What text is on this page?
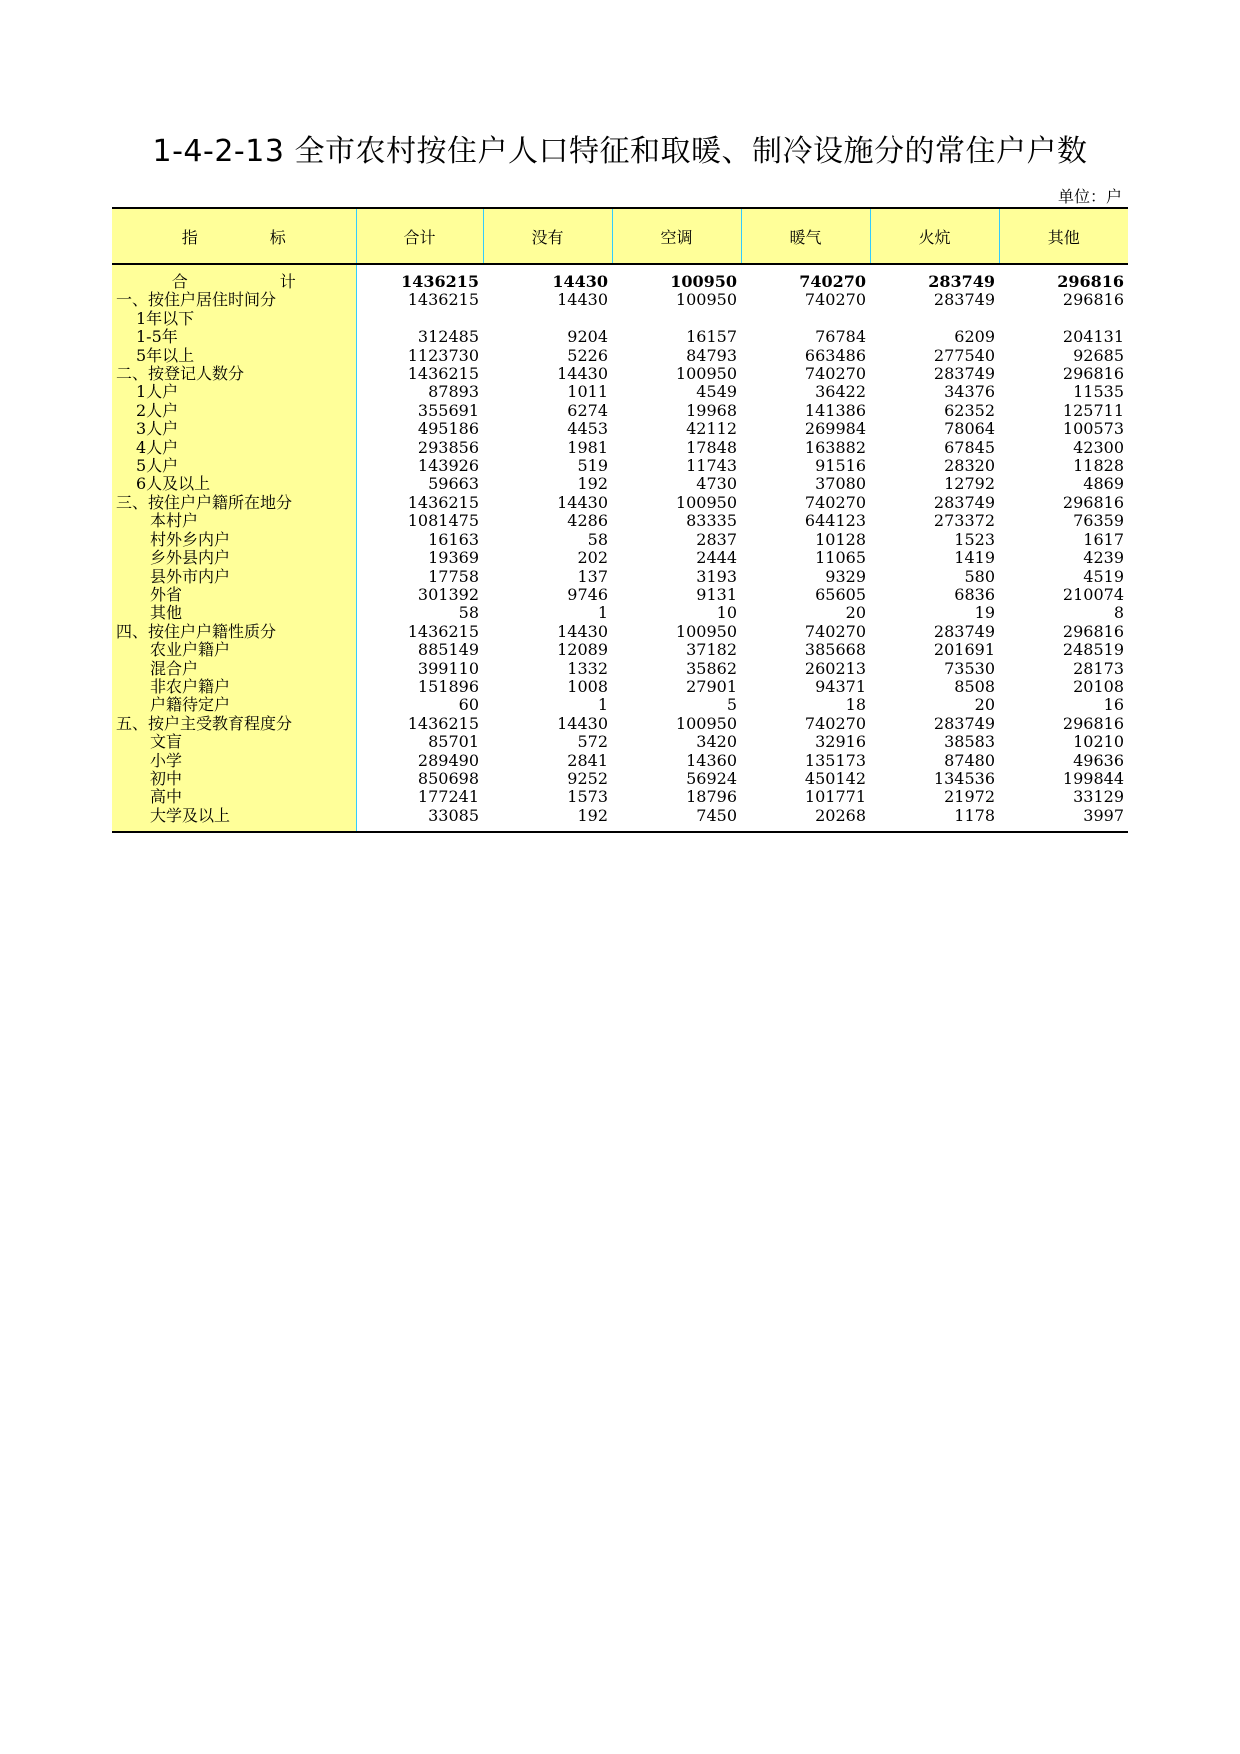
1-4-2-13 全市农村按住户人口特征和取暖、制冷设施分的常住户户数
单位：户
指　标	合计	没有	空调	暖气	火炕	其他
合　计	1436215	14430	100950	740270	283749	296816
一、按住户居住时间分	1436215	14430	100950	740270	283749	296816
1年以下						
1-5年	312485	9204	16157	76784	6209	204131
5年以上	1123730	5226	84793	663486	277540	92685
二、按登记人数分	1436215	14430	100950	740270	283749	296816
1人户	87893	1011	4549	36422	34376	11535
2人户	355691	6274	19968	141386	62352	125711
3人户	495186	4453	42112	269984	78064	100573
4人户	293856	1981	17848	163882	67845	42300
5人户	143926	519	11743	91516	28320	11828
6人及以上	59663	192	4730	37080	12792	4869
三、按住户户籍所在地分	1436215	14430	100950	740270	283749	296816
本村户	1081475	4286	83335	644123	273372	76359
村外乡内户	16163	58	2837	10128	1523	1617
乡外县内户	19369	202	2444	11065	1419	4239
县外市内户	17758	137	3193	9329	580	4519
外省	301392	9746	9131	65605	6836	210074
其他	58	1	10	20	19	8
四、按住户户籍性质分	1436215	14430	100950	740270	283749	296816
农业户籍户	885149	12089	37182	385668	201691	248519
混合户	399110	1332	35862	260213	73530	28173
非农户籍户	151896	1008	27901	94371	8508	20108
户籍待定户	60	1	5	18	20	16
五、按户主受教育程度分	1436215	14430	100950	740270	283749	296816
文盲	85701	572	3420	32916	38583	10210
小学	289490	2841	14360	135173	87480	49636
初中	850698	9252	56924	450142	134536	199844
高中	177241	1573	18796	101771	21972	33129
大学及以上	33085	192	7450	20268	1178	3997
